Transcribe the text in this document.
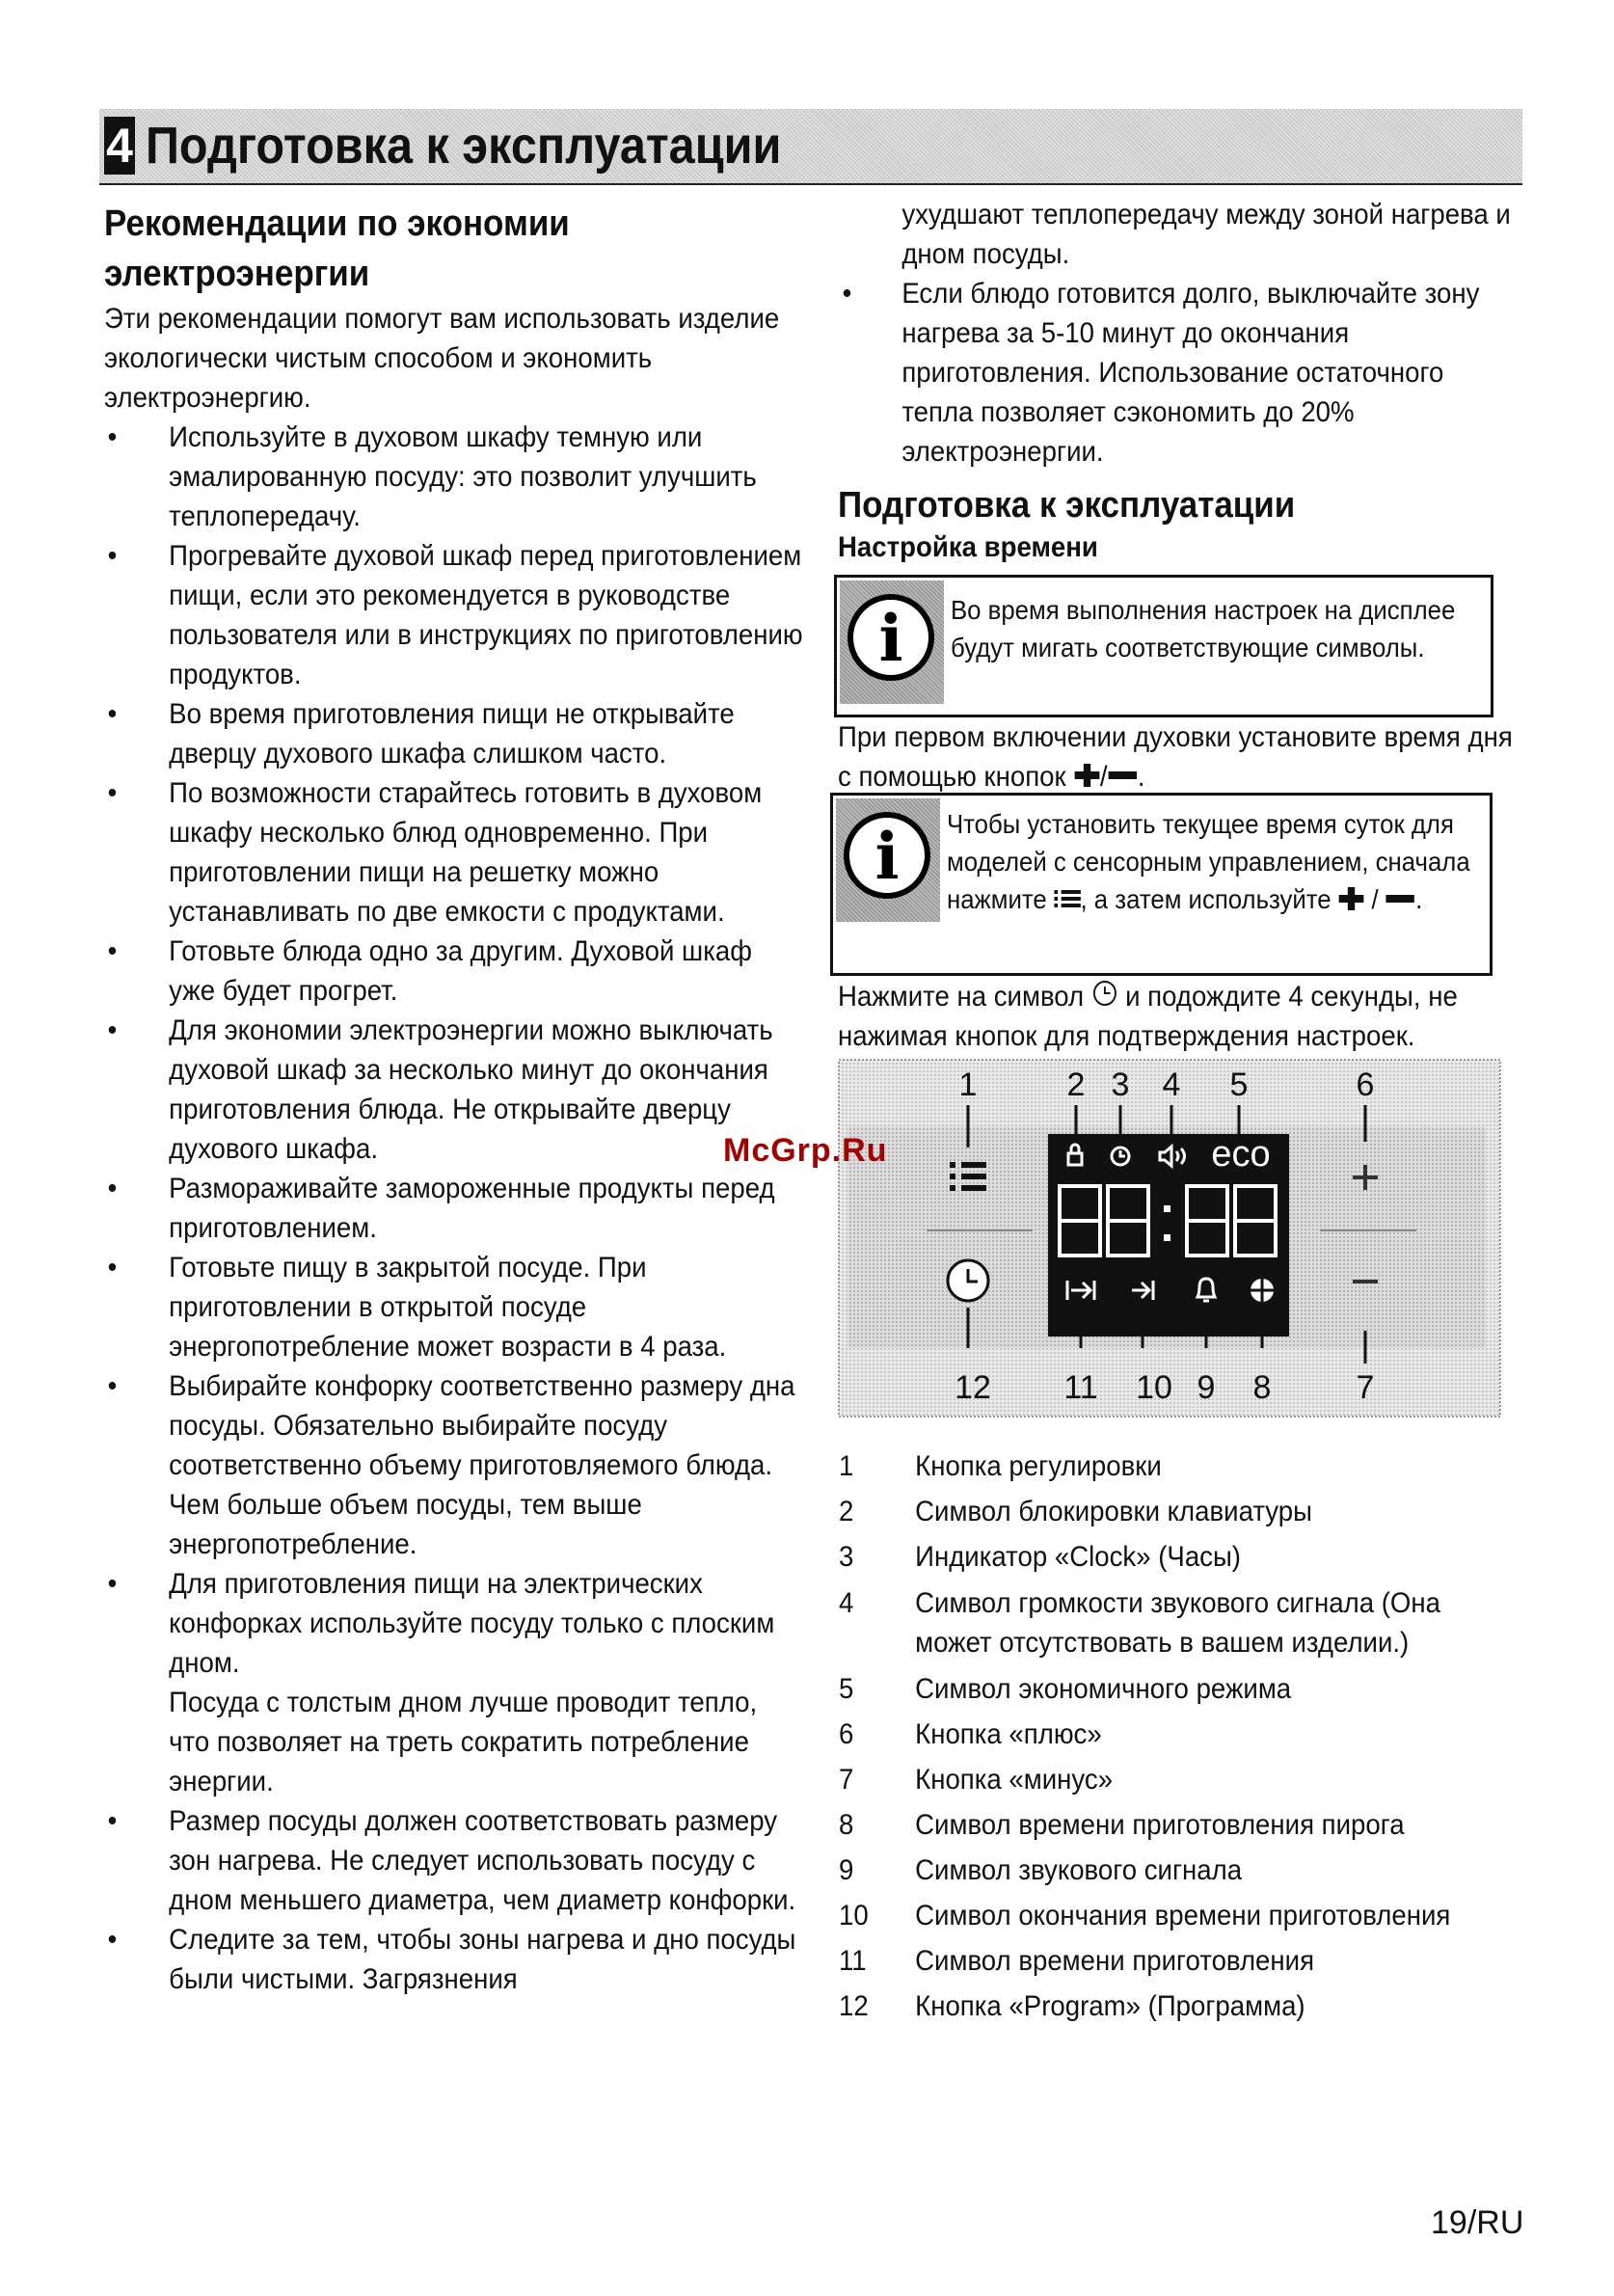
4 Подготовка к эксплуатации
Рекомендации по экономии
электроэнергии

Эти рекомендации помогут вам использовать изделие экологически чистым способом и экономить электроэнергию.

• Используйте в духовом шкафу темную или эмалированную посуду: это позволит улучшить теплопередачу.
• Прогревайте духовой шкаф перед приготовлением пищи, если это рекомендуется в руководстве пользователя или в инструкциях по приготовлению продуктов.
• Во время приготовления пищи не открывайте дверцу духового шкафа слишком часто.
• По возможности старайтесь готовить в духовом шкафу несколько блюд одновременно. При приготовлении пищи на решетку можно устанавливать по две емкости с продуктами.
• Готовьте блюда одно за другим. Духовой шкаф уже будет прогрет.
• Для экономии электроэнергии можно выключать духовой шкаф за несколько минут до окончания приготовления блюда. Не открывайте дверцу духового шкафа.
• Размораживайте замороженные продукты перед приготовлением.
• Готовьте пищу в закрытой посуде. При приготовлении в открытой посуде энергопотребление может возрасти в 4 раза.
• Выбирайте конфорку соответственно размеру дна посуды. Обязательно выбирайте посуду соответственно объему приготовляемого блюда. Чем больше объем посуды, тем выше энергопотребление.
• Для приготовления пищи на электрических конфорках используйте посуду только с плоским дном.
Посуда с толстым дном лучше проводит тепло, что позволяет на треть сократить потребление энергии.
• Размер посуды должен соответствовать размеру зон нагрева. Не следует использовать посуду с дном меньшего диаметра, чем диаметр конфорки.
• Следите за тем, чтобы зоны нагрева и дно посуды были чистыми. Загрязнения
ухудшают теплопередачу между зоной нагрева и дном посуды.
• Если блюдо готовится долго, выключайте зону нагрева за 5-10 минут до окончания приготовления. Использование остаточного тепла позволяет сэкономить до 20% электроэнергии.
Подготовка к эксплуатации
Настройка времени
i	Во время выполнения настроек на дисплее будут мигать соответствующие символы.
При первом включении духовки установите время дня с помощью кнопок / .
i	Чтобы установить текущее время суток для моделей с сенсорным управлением, сначала нажмите , а затем используйте  / .
Нажмите на символ и подождите 4 секунды, не нажимая кнопок для подтверждения настроек.
1	2 3 4 5	6
eco
12 11 10 9 8	7
1	Кнопка регулировки
2	Символ блокировки клавиатуры
3	Индикатор «Clock» (Часы)
4	Символ громкости звукового сигнала (Она
может отсутствовать в вашем изделии.)
5	Символ экономичного режима
6	Кнопка «плюс»
7	Кнопка «минус»
8	Символ времени приготовления пирога
9	Символ звукового сигнала
10 Символ окончания времени приготовления
11 Символ времени приготовления
12 Кнопка «Program» (Программа)
McGrp.Ru
19/RU
